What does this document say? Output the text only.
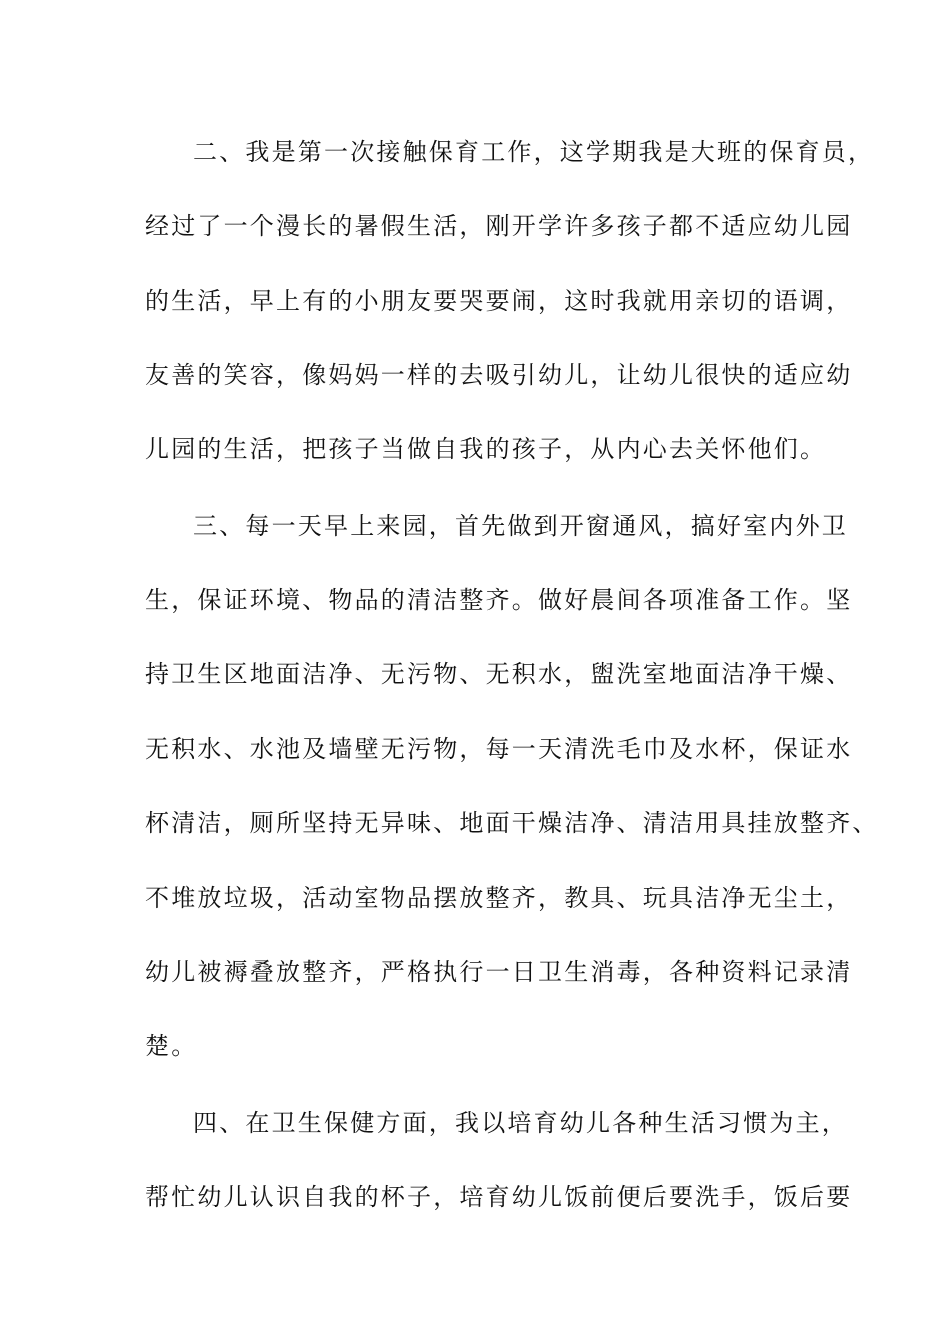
二、我是第一次接触保育工作，这学期我是大班的保育员，
经过了一个漫长的暑假生活，刚开学许多孩子都不适应幼儿园
的生活，早上有的小朋友要哭要闹，这时我就用亲切的语调，
友善的笑容，像妈妈一样的去吸引幼儿，让幼儿很快的适应幼
儿园的生活，把孩子当做自我的孩子，从内心去关怀他们。
三、每一天早上来园，首先做到开窗通风，搞好室内外卫
生，保证环境、物品的清洁整齐。做好晨间各项准备工作。坚
持卫生区地面洁净、无污物、无积水，盥洗室地面洁净干燥、
无积水、水池及墙壁无污物，每一天清洗毛巾及水杯，保证水
杯清洁，厕所坚持无异味、地面干燥洁净、清洁用具挂放整齐、
不堆放垃圾，活动室物品摆放整齐，教具、玩具洁净无尘土，
幼儿被褥叠放整齐，严格执行一日卫生消毒，各种资料记录清
楚。
四、在卫生保健方面，我以培育幼儿各种生活习惯为主，
帮忙幼儿认识自我的杯子，培育幼儿饭前便后要洗手，饭后要
